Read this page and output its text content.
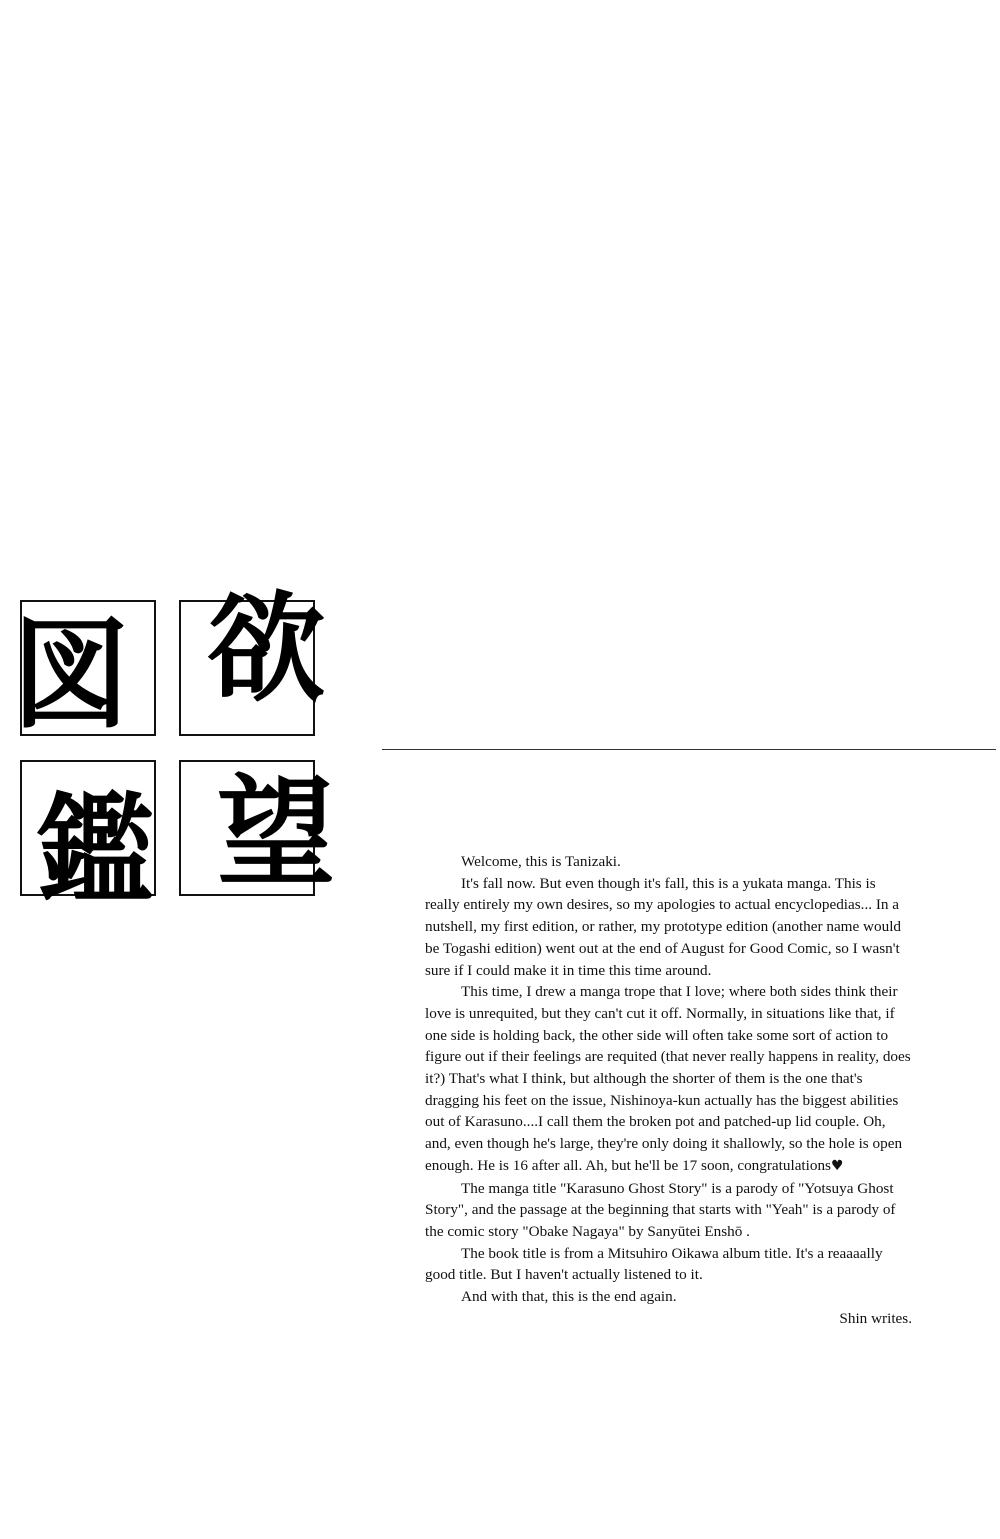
図 欲
鑑 望	Welcome, this is Tanizaki.

It's fall now. But even though it's fall, this is a yukata manga. This is really entirely my own desires, so my apologies to actual encyclopedias... In a nutshell, my first edition, or rather, my prototype edition (another name would be Togashi edition) went out at the end of August for Good Comic, so I wasn't sure if I could make it in time this time around.

This time, I drew a manga trope that I love; where both sides think their love is unrequited, but they can't cut it off. Normally, in situations like that, if one side is holding back, the other side will often take some sort of action to figure out if their feelings are requited (that never really happens in reality, does it?) That's what I think, but although the shorter of them is the one that's dragging his feet on the issue, Nishinoya-kun actually has the biggest abilities out of Karasuno....I call them the broken pot and patched-up lid couple. Oh, and, even though he's large, they're only doing it shallowly, so the hole is open enough. He is 16 after all. Ah, but he'll be 17 soon, congratulations♥

The manga title "Karasuno Ghost Story" is a parody of "Yotsuya Ghost Story", and the passage at the beginning that starts with "Yeah" is a parody of the comic story "Obake Nagaya" by Sanyūtei Enshō .

The book title is from a Mitsuhiro Oikawa album title. It's a reaaaally good title. But I haven't actually listened to it.

And with that, this is the end again.

Shin writes.
